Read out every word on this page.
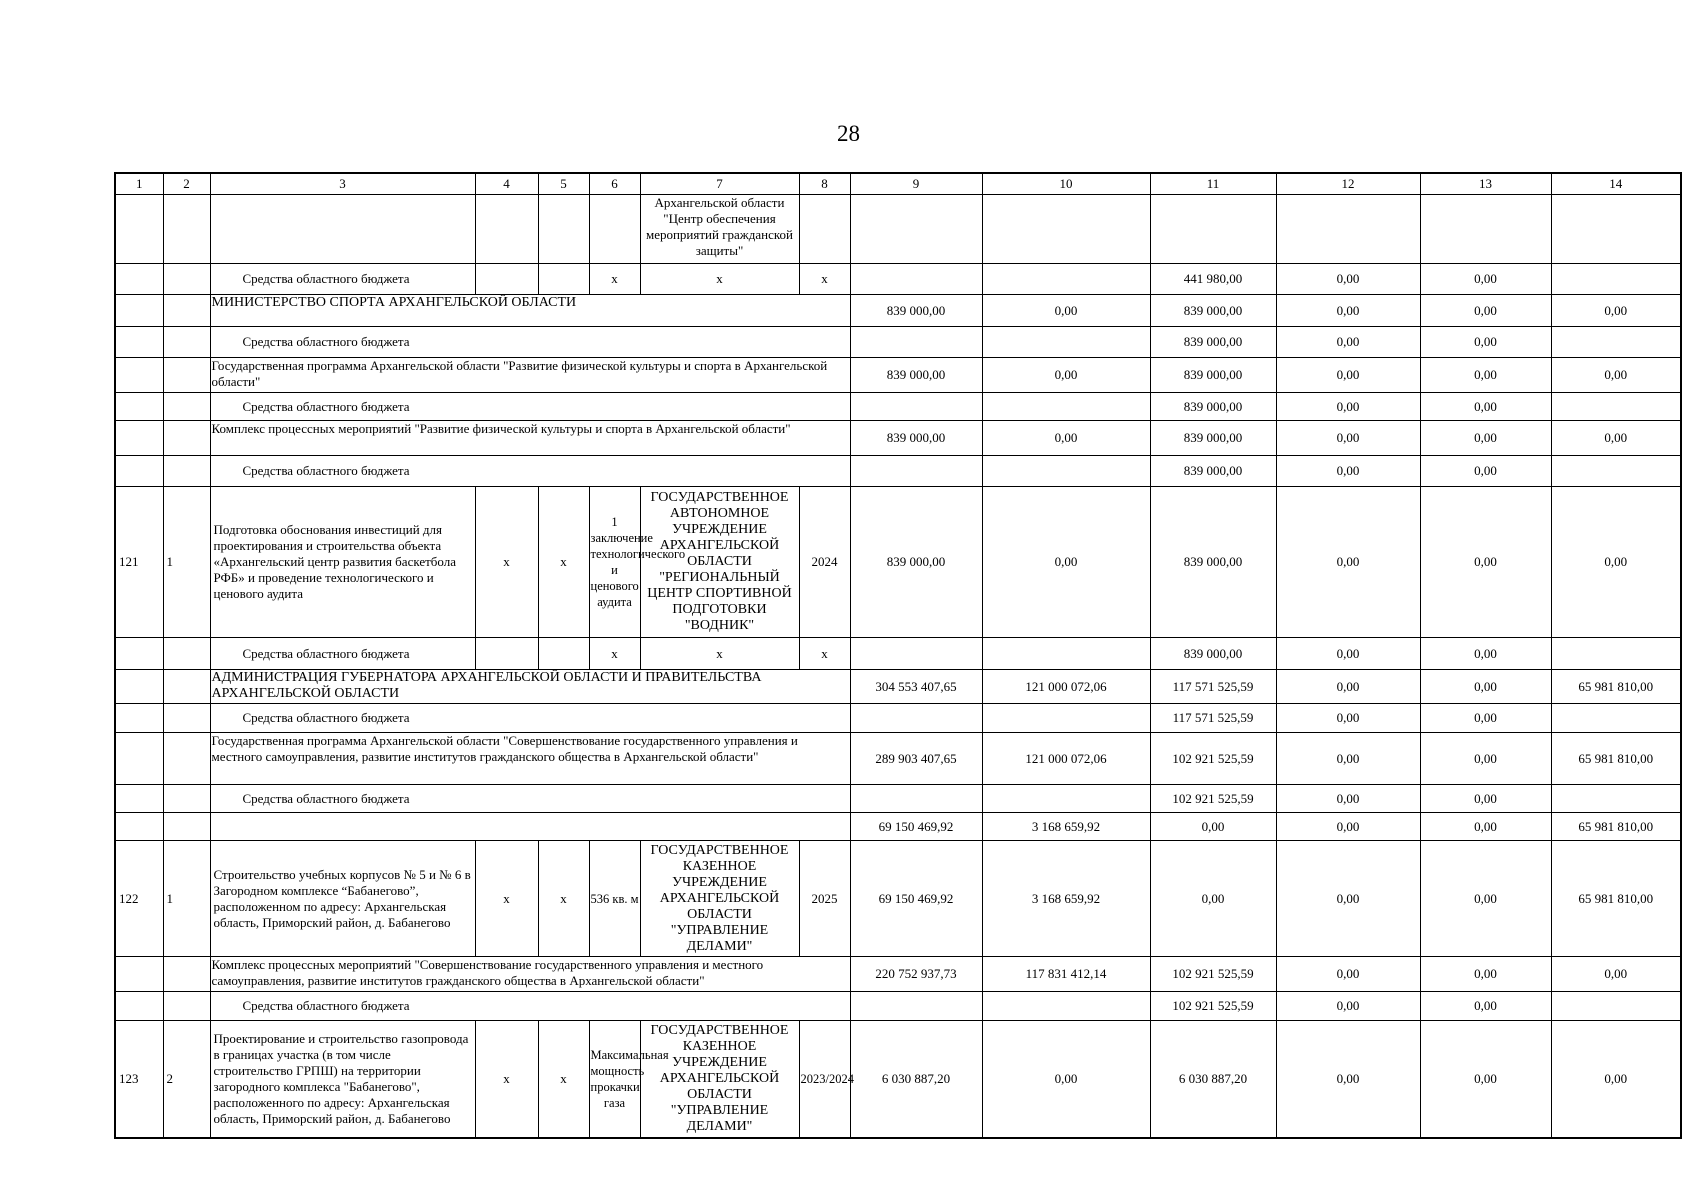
28
1	2	3	4	5	6	7	8	9	10	11	12	13	14
						Архангельской области "Центр обеспечения мероприятий гражданской защиты"							
		Средства областного бюджета			х	х	х			441 980,00	0,00	0,00	
		МИНИСТЕРСТВО СПОРТА АРХАНГЕЛЬСКОЙ ОБЛАСТИ						839 000,00	0,00	839 000,00	0,00	0,00	0,00
		Средства областного бюджета								839 000,00	0,00	0,00	
		Государственная программа Архангельской области "Развитие физической культуры и спорта в Архангельской области"						839 000,00	0,00	839 000,00	0,00	0,00	0,00
		Средства областного бюджета								839 000,00	0,00	0,00	
		Комплекс процессных мероприятий "Развитие физической культуры и спорта в Архангельской области"						839 000,00	0,00	839 000,00	0,00	0,00	0,00
		Средства областного бюджета								839 000,00	0,00	0,00	
121	1	Подготовка обоснования инвестиций для проектирования и строительства объекта «Архангельский центр развития баскетбола РФБ» и проведение технологического и ценового аудита	х	х	1 заключение технологического и ценового аудита	ГОСУДАРСТВЕННОЕ АВТОНОМНОЕ УЧРЕЖДЕНИЕ АРХАНГЕЛЬСКОЙ ОБЛАСТИ "РЕГИОНАЛЬНЫЙ ЦЕНТР СПОРТИВНОЙ ПОДГОТОВКИ "ВОДНИК"	2024	839 000,00	0,00	839 000,00	0,00	0,00	0,00
		Средства областного бюджета			х	х	х			839 000,00	0,00	0,00	
		АДМИНИСТРАЦИЯ ГУБЕРНАТОРА АРХАНГЕЛЬСКОЙ ОБЛАСТИ И ПРАВИТЕЛЬСТВА АРХАНГЕЛЬСКОЙ ОБЛАСТИ						304 553 407,65	121 000 072,06	117 571 525,59	0,00	0,00	65 981 810,00
		Средства областного бюджета								117 571 525,59	0,00	0,00	
		Государственная программа Архангельской области "Совершенствование государственного управления и местного самоуправления, развитие институтов гражданского общества в Архангельской области"						289 903 407,65	121 000 072,06	102 921 525,59	0,00	0,00	65 981 810,00
		Средства областного бюджета								102 921 525,59	0,00	0,00	
								69 150 469,92	3 168 659,92	0,00	0,00	0,00	65 981 810,00
122	1	Строительство учебных корпусов № 5 и № 6 в Загородном комплексе “Бабанегово”, расположенном по адресу: Архангельская область, Приморский район, д. Бабанегово	х	х	536 кв. м	ГОСУДАРСТВЕННОЕ КАЗЕННОЕ УЧРЕЖДЕНИЕ АРХАНГЕЛЬСКОЙ ОБЛАСТИ "УПРАВЛЕНИЕ ДЕЛАМИ"	2025	69 150 469,92	3 168 659,92	0,00	0,00	0,00	65 981 810,00
		Комплекс процессных мероприятий "Совершенствование государственного управления и местного самоуправления, развитие институтов гражданского общества в Архангельской области"						220 752 937,73	117 831 412,14	102 921 525,59	0,00	0,00	0,00
		Средства областного бюджета								102 921 525,59	0,00	0,00	
123	2	Проектирование и строительство газопровода в границах участка (в том числе строительство ГРПШ) на территории загородного комплекса "Бабанегово", расположенного по адресу: Архангельская область, Приморский район, д. Бабанегово	х	х	Максимальная мощность прокачки газа	ГОСУДАРСТВЕННОЕ КАЗЕННОЕ УЧРЕЖДЕНИЕ АРХАНГЕЛЬСКОЙ ОБЛАСТИ "УПРАВЛЕНИЕ ДЕЛАМИ"	2023/2024	6 030 887,20	0,00	6 030 887,20	0,00	0,00	0,00
